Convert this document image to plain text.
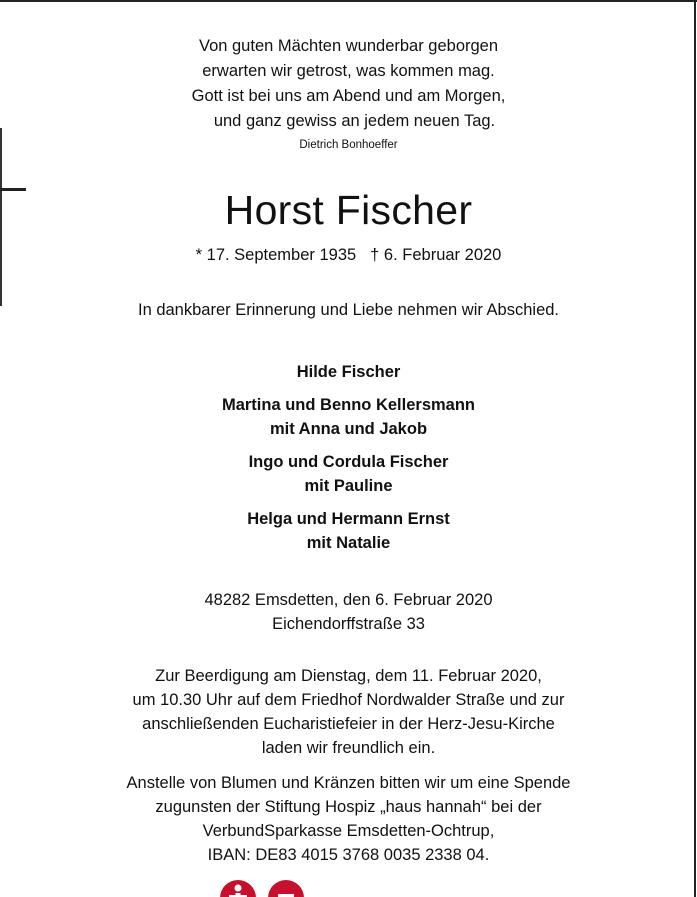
Von guten Mächten wunderbar geborgen
erwarten wir getrost, was kommen mag.
Gott ist bei uns am Abend und am Morgen,
und ganz gewiss an jedem neuen Tag.
Dietrich Bonhoeffer
Horst Fischer
* 17. September 1935 † 6. Februar 2020
In dankbarer Erinnerung und Liebe nehmen wir Abschied.
Hilde Fischer
Martina und Benno Kellersmann
mit Anna und Jakob
Ingo und Cordula Fischer
mit Pauline
Helga und Hermann Ernst
mit Natalie
48282 Emsdetten, den 6. Februar 2020
Eichendorffstraße 33
Zur Beerdigung am Dienstag, dem 11. Februar 2020,
um 10.30 Uhr auf dem Friedhof Nordwalder Straße und zur
anschließenden Eucharistiefeier in der Herz-Jesu-Kirche
laden wir freundlich ein.
Anstelle von Blumen und Kränzen bitten wir um eine Spende
zugunsten der Stiftung Hospiz „haus hannah“ bei der
VerbundSparkasse Emsdetten-Ochtrup,
IBAN: DE83 4015 3768 0035 2338 04.
